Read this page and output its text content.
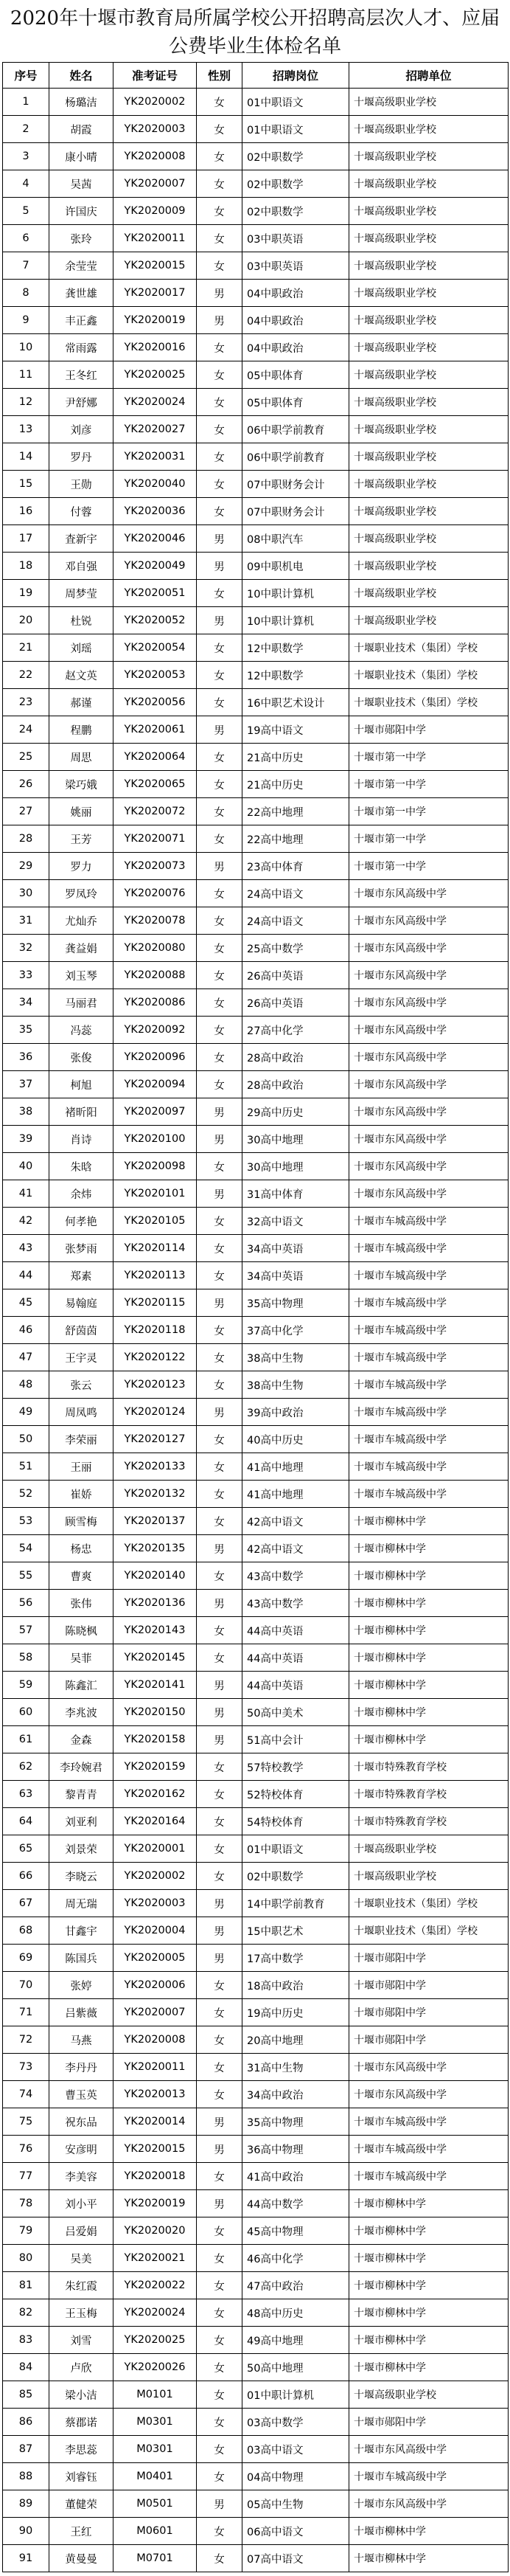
2020年十堰市教育局所属学校公开招聘高层次人才、应届公费毕业生体检名单
序号	姓名	准考证号	性别	招聘岗位	招聘单位
1	杨璐洁	YK2020002	女	01中职语文	十堰高级职业学校
2	胡霞	YK2020003	女	01中职语文	十堰高级职业学校
3	康小晴	YK2020008	女	02中职数学	十堰高级职业学校
4	吴茜	YK2020007	女	02中职数学	十堰高级职业学校
5	许国庆	YK2020009	女	02中职数学	十堰高级职业学校
6	张玲	YK2020011	女	03中职英语	十堰高级职业学校
7	余莹莹	YK2020015	女	03中职英语	十堰高级职业学校
8	龚世雄	YK2020017	男	04中职政治	十堰高级职业学校
9	丰正鑫	YK2020019	男	04中职政治	十堰高级职业学校
10	常雨露	YK2020016	女	04中职政治	十堰高级职业学校
11	王冬红	YK2020025	女	05中职体育	十堰高级职业学校
12	尹舒娜	YK2020024	女	05中职体育	十堰高级职业学校
13	刘彦	YK2020027	女	06中职学前教育	十堰高级职业学校
14	罗丹	YK2020031	女	06中职学前教育	十堰高级职业学校
15	王勋	YK2020040	女	07中职财务会计	十堰高级职业学校
16	付蓉	YK2020036	女	07中职财务会计	十堰高级职业学校
17	査新宇	YK2020046	男	08中职汽车	十堰高级职业学校
18	邓自强	YK2020049	男	09中职机电	十堰高级职业学校
19	周梦莹	YK2020051	女	10中职计算机	十堰高级职业学校
20	杜锐	YK2020052	男	10中职计算机	十堰高级职业学校
21	刘瑶	YK2020054	女	12中职数学	十堰职业技术（集团）学校
22	赵文英	YK2020053	女	12中职数学	十堰职业技术（集团）学校
23	郝谨	YK2020056	女	16中职艺术设计	十堰职业技术（集团）学校
24	程鹏	YK2020061	男	19高中语文	十堰市郧阳中学
25	周思	YK2020064	女	21高中历史	十堰市第一中学
26	梁巧娥	YK2020065	女	21高中历史	十堰市第一中学
27	姚丽	YK2020072	女	22高中地理	十堰市第一中学
28	王芳	YK2020071	女	22高中地理	十堰市第一中学
29	罗力	YK2020073	男	23高中体育	十堰市第一中学
30	罗凤玲	YK2020076	女	24高中语文	十堰市东风高级中学
31	尤灿乔	YK2020078	女	24高中语文	十堰市东风高级中学
32	龚益娟	YK2020080	女	25高中数学	十堰市东风高级中学
33	刘玉琴	YK2020088	女	26高中英语	十堰市东风高级中学
34	马丽君	YK2020086	女	26高中英语	十堰市东风高级中学
35	冯蕊	YK2020092	女	27高中化学	十堰市东风高级中学
36	张俊	YK2020096	女	28高中政治	十堰市东风高级中学
37	柯旭	YK2020094	女	28高中政治	十堰市东风高级中学
38	褚昕阳	YK2020097	男	29高中历史	十堰市东风高级中学
39	肖诗	YK2020100	男	30高中地理	十堰市东风高级中学
40	朱晗	YK2020098	女	30高中地理	十堰市东风高级中学
41	余炜	YK2020101	男	31高中体育	十堰市东风高级中学
42	何孝艳	YK2020105	女	32高中语文	十堰市车城高级中学
43	张梦雨	YK2020114	女	34高中英语	十堰市车城高级中学
44	郑素	YK2020113	女	34高中英语	十堰市车城高级中学
45	易翰庭	YK2020115	男	35高中物理	十堰市车城高级中学
46	舒茵茵	YK2020118	女	37高中化学	十堰市车城高级中学
47	王宇灵	YK2020122	女	38高中生物	十堰市车城高级中学
48	张云	YK2020123	女	38高中生物	十堰市车城高级中学
49	周凤鸣	YK2020124	男	39高中政治	十堰市车城高级中学
50	李荣丽	YK2020127	女	40高中历史	十堰市车城高级中学
51	王丽	YK2020133	女	41高中地理	十堰市车城高级中学
52	崔娇	YK2020132	女	41高中地理	十堰市车城高级中学
53	顾雪梅	YK2020137	女	42高中语文	十堰市柳林中学
54	杨忠	YK2020135	男	42高中语文	十堰市柳林中学
55	曹爽	YK2020140	女	43高中数学	十堰市柳林中学
56	张伟	YK2020136	男	43高中数学	十堰市柳林中学
57	陈晓枫	YK2020143	女	44高中英语	十堰市柳林中学
58	吴菲	YK2020145	女	44高中英语	十堰市柳林中学
59	陈鑫汇	YK2020141	男	44高中英语	十堰市柳林中学
60	李兆波	YK2020150	男	50高中美术	十堰市柳林中学
61	金森	YK2020158	男	51高中会计	十堰市柳林中学
62	李玲婉君	YK2020159	女	57特校教学	十堰市特殊教育学校
63	黎青青	YK2020162	女	52特校体育	十堰市特殊教育学校
64	刘亚利	YK2020164	女	54特校体育	十堰市特殊教育学校
65	刘景荣	YK2020001	女	01中职语文	十堰高级职业学校
66	李晓云	YK2020002	女	02中职数学	十堰高级职业学校
67	周无瑞	YK2020003	男	14中职学前教育	十堰职业技术（集团）学校
68	甘鑫宇	YK2020004	男	15中职艺术	十堰职业技术（集团）学校
69	陈国兵	YK2020005	男	17高中数学	十堰市郧阳中学
70	张婷	YK2020006	女	18高中政治	十堰市郧阳中学
71	吕紫薇	YK2020007	女	19高中历史	十堰市郧阳中学
72	马燕	YK2020008	女	20高中地理	十堰市郧阳中学
73	李丹丹	YK2020011	女	31高中生物	十堰市东风高级中学
74	曹玉英	YK2020013	女	34高中政治	十堰市东风高级中学
75	祝东品	YK2020014	男	35高中物理	十堰市车城高级中学
76	安彦明	YK2020015	男	36高中物理	十堰市车城高级中学
77	李美容	YK2020018	女	41高中政治	十堰市车城高级中学
78	刘小平	YK2020019	男	44高中数学	十堰市柳林中学
79	吕爱娟	YK2020020	女	45高中物理	十堰市柳林中学
80	吴美	YK2020021	女	46高中化学	十堰市柳林中学
81	朱红霞	YK2020022	女	47高中政治	十堰市柳林中学
82	王玉梅	YK2020024	女	48高中历史	十堰市柳林中学
83	刘雪	YK2020025	女	49高中地理	十堰市柳林中学
84	卢欣	YK2020026	女	50高中地理	十堰市柳林中学
85	梁小洁	M0101	女	01中职计算机	十堰高级职业学校
86	蔡郡诺	M0301	女	03高中数学	十堰市郧阳中学
87	李思蕊	M0301	女	03高中语文	十堰市东风高级中学
88	刘睿钰	M0401	女	04高中物理	十堰市车城高级中学
89	董健荣	M0501	男	05高中生物	十堰市东风高级中学
90	王红	M0601	女	06高中语文	十堰市柳林中学
91	黄曼曼	M0701	女	07高中语文	十堰市柳林中学
